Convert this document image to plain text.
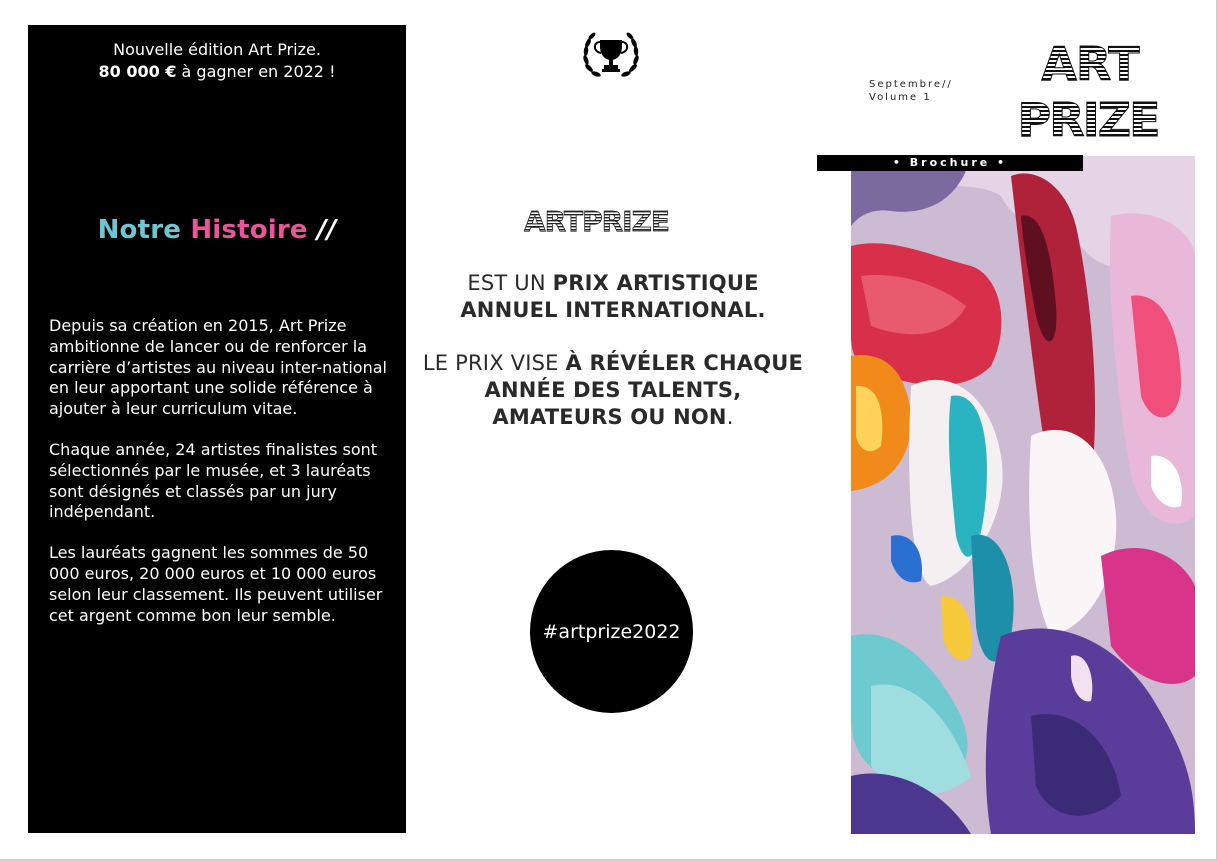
Nouvelle édition Art Prize.
80 000 € à gagner en 2022 !
Notre Histoire //

Depuis sa création en 2015, Art Prize ambitionne de lancer ou de renforcer la carrière d’artistes au niveau inter-national en leur apportant une solide référence à ajouter à leur curriculum vitae.

Chaque année, 24 artistes finalistes sont sélectionnés par le musée, et 3 lauréats sont désignés et classés par un jury indépendant.

Les lauréats gagnent les sommes de 50 000 euros, 20 000 euros et 10 000 euros selon leur classement. Ils peuvent utiliser cet argent comme bon leur semble.

ARTPRIZE

EST UN PRIX ARTISTIQUE ANNUEL INTERNATIONAL.

LE PRIX VISE À RÉVÉLER CHAQUE ANNÉE DES TALENTS, AMATEURS OU NON.

#artprize2022
Septembre//
Volume 1
ART
PRIZE
• Brochure •
